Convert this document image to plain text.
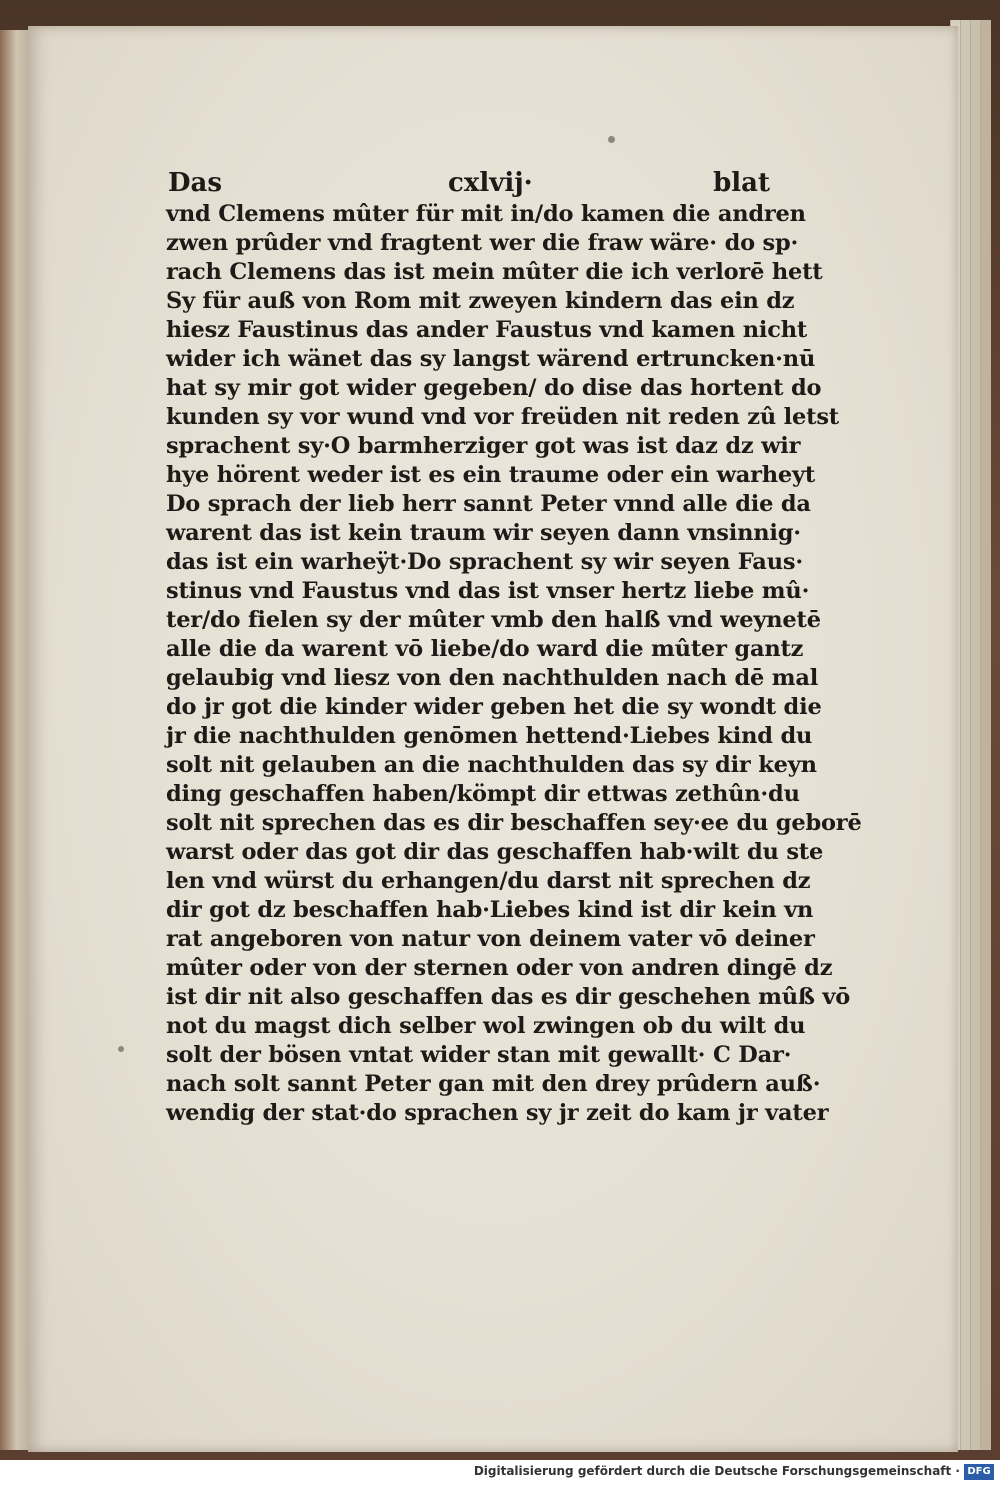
Das	cxlvij·	blat
vnd Clemens mûter für mit in/do kamen die andren
zwen prûder vnd fragtent wer die fraw wäre· do sp·
rach Clemens das ist mein mûter die ich verlorē hett
Sy für auß von Rom mit zweyen kindern das ein dz
hiesz Faustinus das ander Faustus vnd kamen nicht
wider ich wänet das sy langst wärend ertruncken·nū
hat sy mir got wider gegeben/ do dise das hortent do
kunden sy vor wund vnd vor freüden nit reden zû letst
sprachent sy·O barmherziger got was ist daz dz wir
hye hörent weder ist es ein traume oder ein warheyt
Do sprach der lieb herr sannt Peter vnnd alle die da
warent das ist kein traum wir seyen dann vnsinnig·
das ist ein warheÿt·Do sprachent sy wir seyen Faus·
stinus vnd Faustus vnd das ist vnser hertz liebe mû·
ter/do fielen sy der mûter vmb den halß vnd weynetē
alle die da warent vō liebe/do ward die mûter gantz
gelaubig vnd liesz von den nachthulden nach dē mal
do jr got die kinder wider geben het die sy wondt die
jr die nachthulden genōmen hettend·Liebes kind du
solt nit gelauben an die nachthulden das sy dir keyn
ding geschaffen haben/kömpt dir ettwas zethûn·du
solt nit sprechen das es dir beschaffen sey·ee du geborē
warst oder das got dir das geschaffen hab·wilt du ste
len vnd würst du erhangen/du darst nit sprechen dz
dir got dz beschaffen hab·Liebes kind ist dir kein vn
rat angeboren von natur von deinem vater vō deiner
mûter oder von der sternen oder von andren dingē dz
ist dir nit also geschaffen das es dir geschehen mûß vō
not du magst dich selber wol zwingen ob du wilt du
solt der bösen vntat wider stan mit gewallt· C Dar·
nach solt sannt Peter gan mit den drey prûdern auß·
wendig der stat·do sprachen sy jr zeit do kam jr vater
Digitalisierung gefördert durch die Deutsche Forschungsgemeinschaft · DFG
